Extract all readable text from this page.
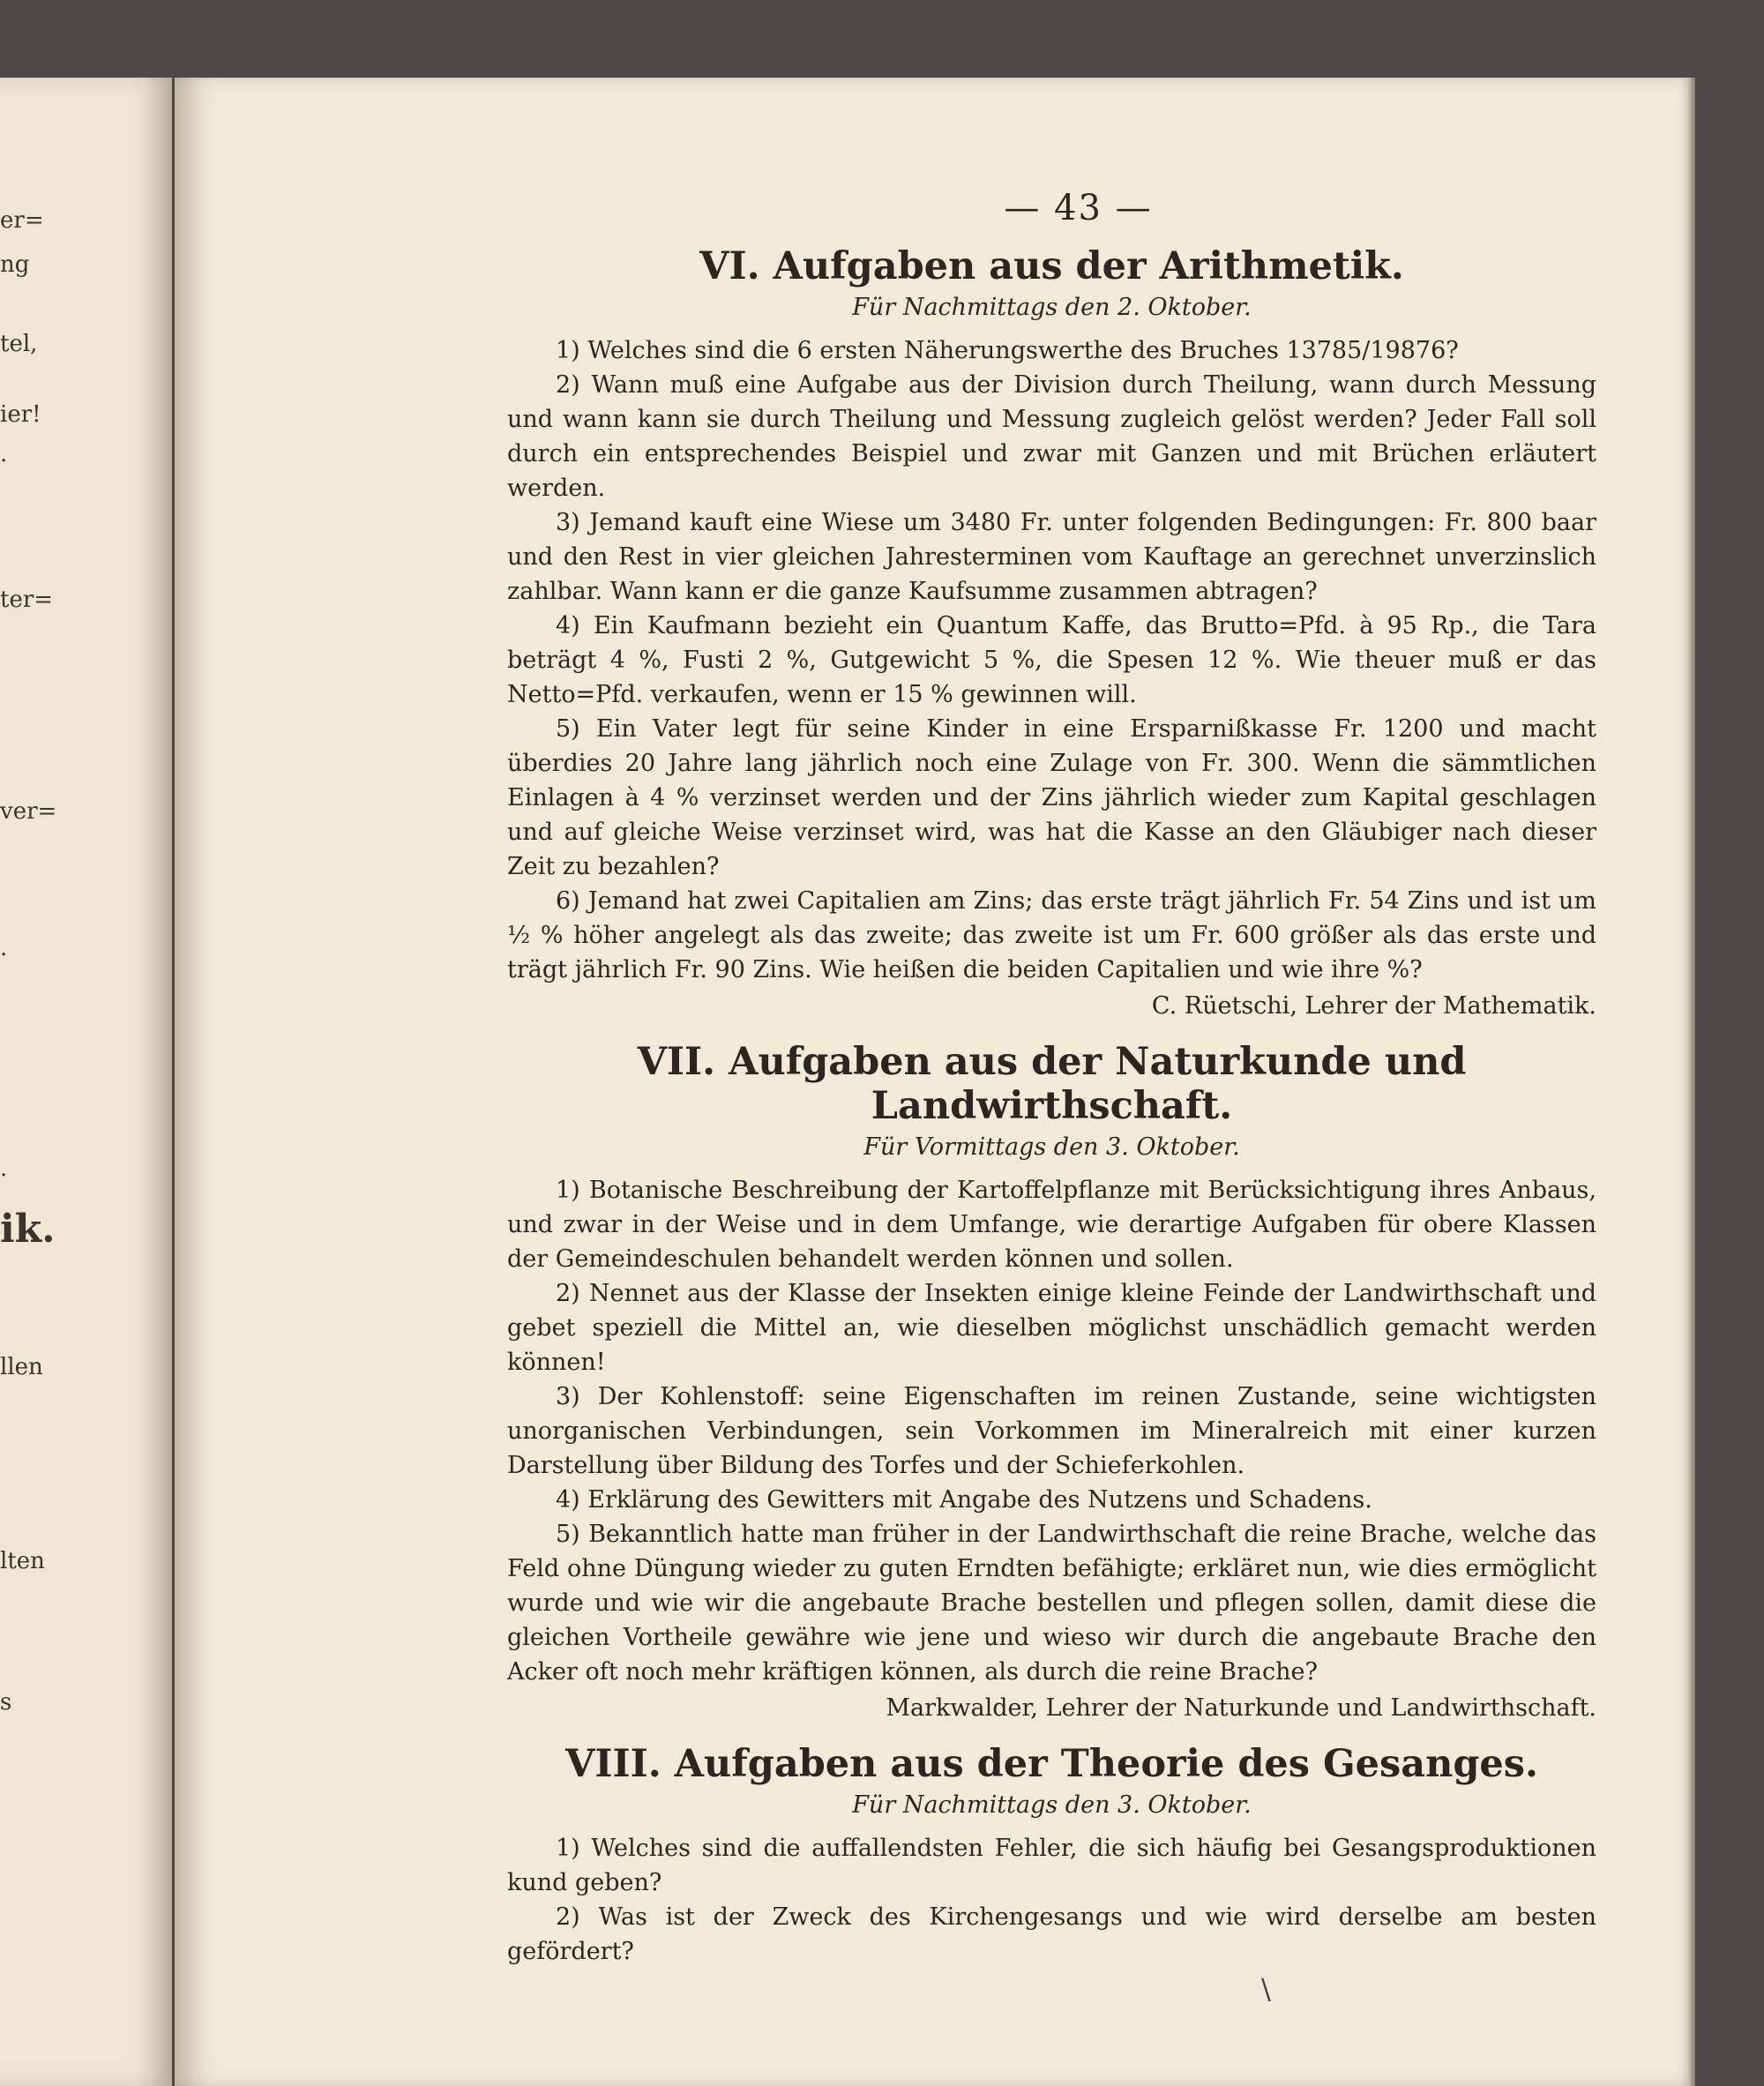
er=
ng
tel,
ier!
.
ter=
ver=
.
.
ik.
llen
lten
s
— 43 —
VI. Aufgaben aus der Arithmetik.
Für Nachmittags den 2. Oktober.

1) Welches sind die 6 ersten Näherungswerthe des Bruches 13785/19876?

2) Wann muß eine Aufgabe aus der Division durch Theilung, wann durch Messung und wann kann sie durch Theilung und Messung zugleich gelöst werden? Jeder Fall soll durch ein entsprechendes Beispiel und zwar mit Ganzen und mit Brüchen erläutert werden.

3) Jemand kauft eine Wiese um 3480 Fr. unter folgenden Bedingungen: Fr. 800 baar und den Rest in vier gleichen Jahresterminen vom Kauftage an gerechnet unverzinslich zahlbar. Wann kann er die ganze Kaufsumme zusammen abtragen?

4) Ein Kaufmann bezieht ein Quantum Kaffe, das Brutto=Pfd. à 95 Rp., die Tara beträgt 4 %, Fusti 2 %, Gutgewicht 5 %, die Spesen 12 %. Wie theuer muß er das Netto=Pfd. verkaufen, wenn er 15 % gewinnen will.

5) Ein Vater legt für seine Kinder in eine Ersparnißkasse Fr. 1200 und macht überdies 20 Jahre lang jährlich noch eine Zulage von Fr. 300. Wenn die sämmtlichen Einlagen à 4 % verzinset werden und der Zins jährlich wieder zum Kapital geschlagen und auf gleiche Weise verzinset wird, was hat die Kasse an den Gläubiger nach dieser Zeit zu bezahlen?

6) Jemand hat zwei Capitalien am Zins; das erste trägt jährlich Fr. 54 Zins und ist um ½ % höher angelegt als das zweite; das zweite ist um Fr. 600 größer als das erste und trägt jährlich Fr. 90 Zins. Wie heißen die beiden Capitalien und wie ihre %?

C. Rüetschi, Lehrer der Mathematik.
VII. Aufgaben aus der Naturkunde und Landwirthschaft.
Für Vormittags den 3. Oktober.

1) Botanische Beschreibung der Kartoffelpflanze mit Berücksichtigung ihres Anbaus, und zwar in der Weise und in dem Umfange, wie derartige Aufgaben für obere Klassen der Gemeindeschulen behandelt werden können und sollen.

2) Nennet aus der Klasse der Insekten einige kleine Feinde der Landwirthschaft und gebet speziell die Mittel an, wie dieselben möglichst unschädlich gemacht werden können!

3) Der Kohlenstoff: seine Eigenschaften im reinen Zustande, seine wichtigsten unorganischen Verbindungen, sein Vorkommen im Mineralreich mit einer kurzen Darstellung über Bildung des Torfes und der Schieferkohlen.

4) Erklärung des Gewitters mit Angabe des Nutzens und Schadens.

5) Bekanntlich hatte man früher in der Landwirthschaft die reine Brache, welche das Feld ohne Düngung wieder zu guten Erndten befähigte; erkläret nun, wie dies ermöglicht wurde und wie wir die angebaute Brache bestellen und pflegen sollen, damit diese die gleichen Vortheile gewähre wie jene und wieso wir durch die angebaute Brache den Acker oft noch mehr kräftigen können, als durch die reine Brache?

Markwalder, Lehrer der Naturkunde und Landwirthschaft.
VIII. Aufgaben aus der Theorie des Gesanges.
Für Nachmittags den 3. Oktober.

1) Welches sind die auffallendsten Fehler, die sich häufig bei Gesangsproduktionen kund geben?

2) Was ist der Zweck des Kirchengesangs und wie wird derselbe am besten gefördert?

\
